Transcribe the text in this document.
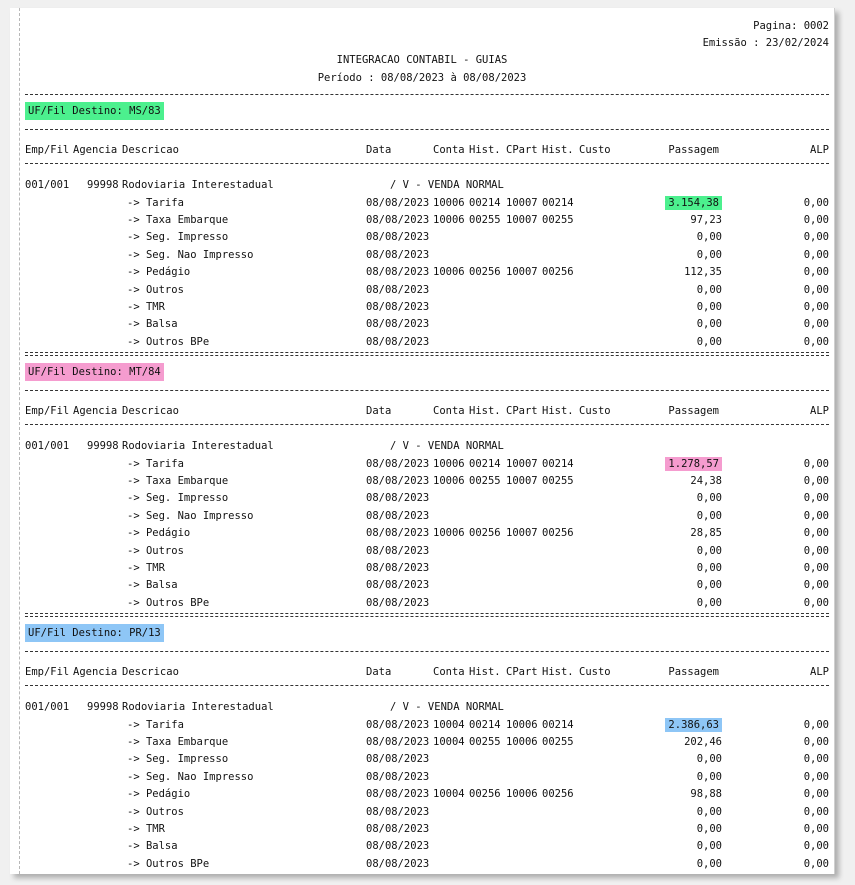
Pagina: 0002
Emissão : 23/02/2024
INTEGRACAO CONTABIL - GUIAS
Período : 08/08/2023 à 08/08/2023
UF/Fil Destino: MS/83
Emp/Fil Agencia Descricao	Data	Conta Hist. CPart Hist. Custo	Passagem	ALP
001/001 99998 Rodoviaria Interestadual	/ V - VENDA NORMAL
-> Tarifa	08/08/2023 10006 00214 10007 00214	3.154,38	0,00
-> Taxa Embarque	08/08/2023 10006 00255 10007 00255	97,23	0,00
-> Seg. Impresso	08/08/2023	0,00	0,00
-> Seg. Nao Impresso	08/08/2023	0,00	0,00
-> Pedágio	08/08/2023 10006 00256 10007 00256	112,35	0,00
-> Outros	08/08/2023	0,00	0,00
-> TMR	08/08/2023	0,00	0,00
-> Balsa	08/08/2023	0,00	0,00
-> Outros BPe	08/08/2023	0,00	0,00
UF/Fil Destino: MT/84
Emp/Fil Agencia Descricao	Data	Conta Hist. CPart Hist. Custo	Passagem	ALP
001/001 99998 Rodoviaria Interestadual	/ V - VENDA NORMAL
-> Tarifa	08/08/2023 10006 00214 10007 00214	1.278,57	0,00
-> Taxa Embarque	08/08/2023 10006 00255 10007 00255	24,38	0,00
-> Seg. Impresso	08/08/2023	0,00	0,00
-> Seg. Nao Impresso	08/08/2023	0,00	0,00
-> Pedágio	08/08/2023 10006 00256 10007 00256	28,85	0,00
-> Outros	08/08/2023	0,00	0,00
-> TMR	08/08/2023	0,00	0,00
-> Balsa	08/08/2023	0,00	0,00
-> Outros BPe	08/08/2023	0,00	0,00
UF/Fil Destino: PR/13
Emp/Fil Agencia Descricao	Data	Conta Hist. CPart Hist. Custo	Passagem	ALP
001/001 99998 Rodoviaria Interestadual	/ V - VENDA NORMAL
-> Tarifa	08/08/2023 10004 00214 10006 00214	2.386,63	0,00
-> Taxa Embarque	08/08/2023 10004 00255 10006 00255	202,46	0,00
-> Seg. Impresso	08/08/2023	0,00	0,00
-> Seg. Nao Impresso	08/08/2023	0,00	0,00
-> Pedágio	08/08/2023 10004 00256 10006 00256	98,88	0,00
-> Outros	08/08/2023	0,00	0,00
-> TMR	08/08/2023	0,00	0,00
-> Balsa	08/08/2023	0,00	0,00
-> Outros BPe	08/08/2023	0,00	0,00
